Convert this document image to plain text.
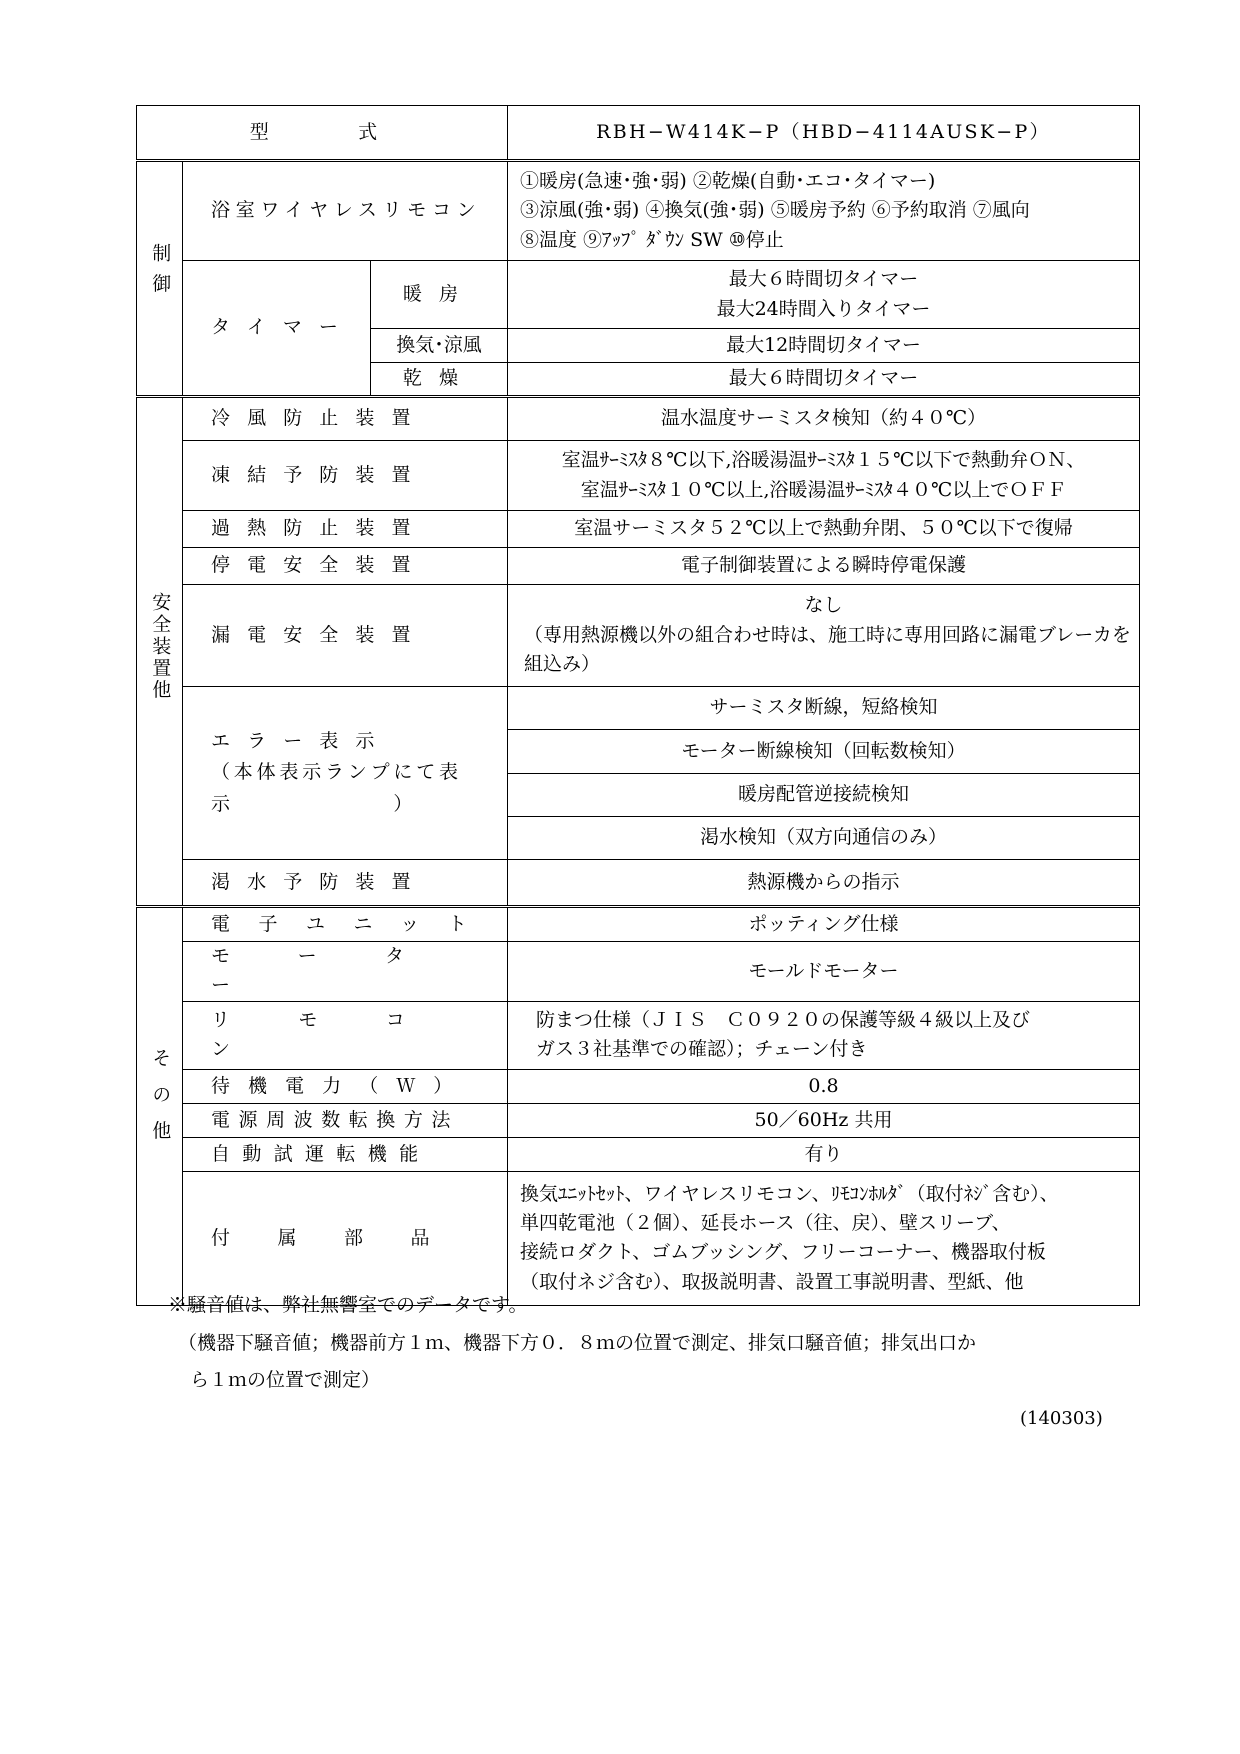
型　　式			RBH−W414K−P（HBD−4114AUSK−P）
制御	浴室ワイヤレスリモコン		①暖房(急速･強･弱) ②乾燥(自動･エコ･タイマー)
③涼風(強･弱) ④換気(強･弱) ⑤暖房予約 ⑥予約取消 ⑦風向
⑧温度 ⑨ｱｯﾌﾟ ﾀﾞｳﾝ SW ⑩停止

	タイマー	暖房	最大６時間切タイマー
最大24時間入りタイマー

		換気･涼風	最大12時間切タイマー
		乾燥	最大６時間切タイマー
安全装置他	冷風防止装置		温水温度サーミスタ検知（約４０℃）
	凍結予防装置		室温ｻｰﾐｽﾀ８℃以下,浴暖湯温ｻｰﾐｽﾀ１５℃以下で熱動弁ＯＮ、
室温ｻｰﾐｽﾀ１０℃以上,浴暖湯温ｻｰﾐｽﾀ４０℃以上でＯＦＦ

	過熱防止装置		室温サーミスタ５２℃以上で熱動弁閉、５０℃以下で復帰
	停電安全装置		電子制御装置による瞬時停電保護
	漏電安全装置		なし
（専用熱源機以外の組合わせ時は、施工時に専用回路に漏電ブレーカを組込み）

	エラー表示
（本体表示ランプにて表
示　　　　　　　）		サーミスタ断線，短絡検知
			モーター断線検知（回転数検知）
			暖房配管逆接続検知
			渇水検知（双方向通信のみ）
	渇水予防装置		熱源機からの指示
その他	電子ユニット		ポッティング仕様
	モーター		モールドモーター
	リモコン		防まつ仕様（ＪＩＳ　Ｃ０９２０の保護等級４級以上及び
ガス３社基準での確認）；チェーン付き

	待機電力（Ｗ）		0.8
	電源周波数転換方法		50／60Hz 共用
	自動試運転機能		有り
	付属部品		換気ﾕﾆｯﾄｾｯﾄ、ワイヤレスリモコン、ﾘﾓｺﾝﾎﾙﾀﾞ（取付ﾈｼﾞ含む）、
単四乾電池（２個）、延長ホース（往、戻）、壁スリーブ、
接続ロダクト、ゴムブッシング、フリーコーナー、機器取付板
（取付ネジ含む）、取扱説明書、設置工事説明書、型紙、他
※騒音値は、弊社無響室でのデータです。
（機器下騒音値；機器前方１ｍ、機器下方０．８ｍの位置で測定、排気口騒音値；排気出口か
ら１ｍの位置で測定）
(140303)
